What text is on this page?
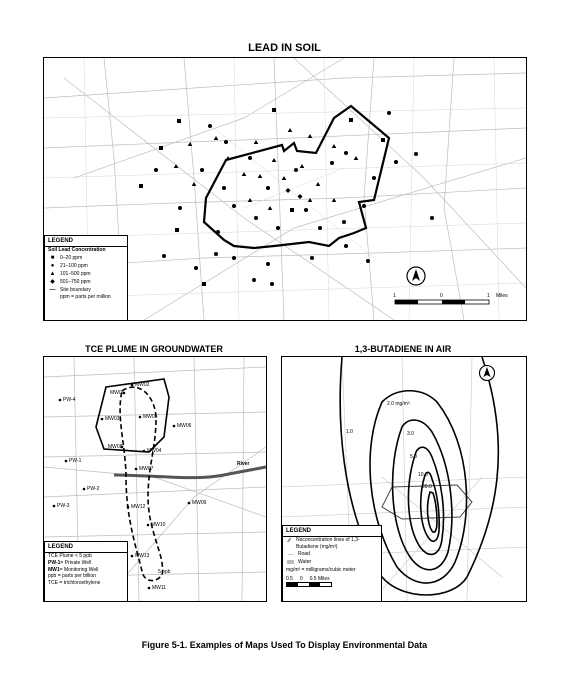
LEAD IN SOIL
LEGEND
Soil Lead Concentration
■	0–20 ppm
●	21–100 ppm
▲ 101–500 ppm
◆	501–750 ppm
— Site boundary
ppm = parts per million	1	0	1 Miles
TCE PLUME IN GROUNDWATER
PW-4
PW-1
PW-2
PW-3
MW02
MW01
MW05
MW03
MW06
MW08
MW04
MW07
MW12
MW09
MW10
MW13
MW11
River
5 ppb
LEGEND
TCE Plume < 5 ppb
PW-1 = Private Well
MW1 = Monitoring Well
ppb = parts per billion
TCE = trichloroethylene
1,3-BUTADIENE IN AIR
1.0
2.0 mg/m³
3.0
5.0
10.0
20.0
LEGEND
∕∕	Noconcentration lines of 1,3-Butadiene (mg/m³)
— Road
Water
mg/m³ = milligrams/cubic meter
0.5
0
0.5
Miles
Figure 5-1. Examples of Maps Used To Display Environmental Data
